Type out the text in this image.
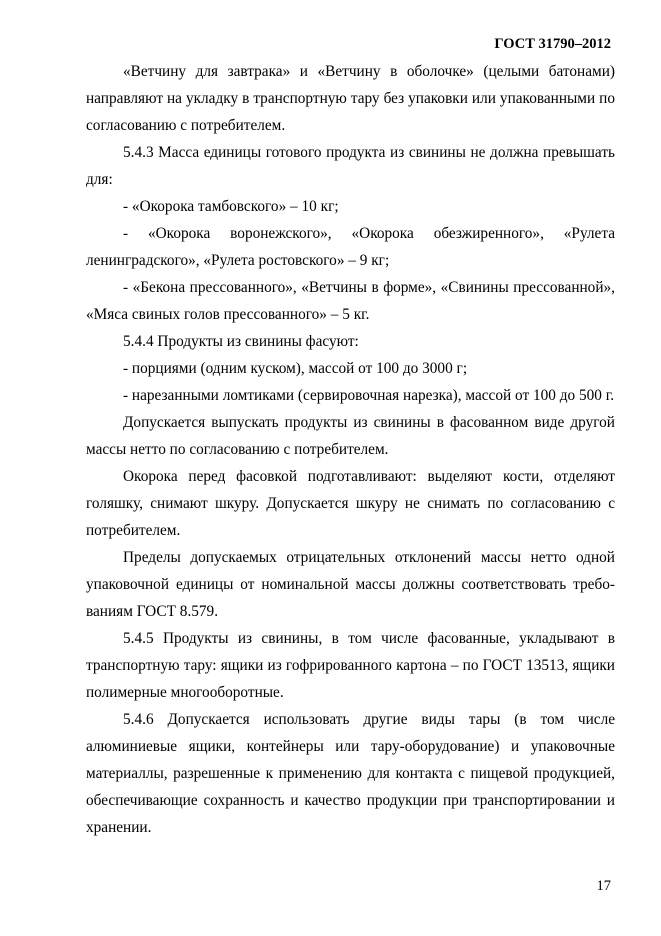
ГОСТ 31790–2012

«Ветчину для завтрака» и «Ветчину в оболочке» (целыми батонами) направляют на укладку в транспортную тару без упаковки или упакованными по согласованию с потребителем.

5.4.3 Масса единицы готового продукта из свинины не должна превышать для:

- «Окорока тамбовского» – 10 кг;

- «Окорока воронежского», «Окорока обезжиренного», «Рулета ленинградского», «Рулета ростовского» – 9 кг;

- «Бекона прессованного», «Ветчины в форме», «Свинины прессованной», «Мяса свиных голов прессованного» – 5 кг.

5.4.4 Продукты из свинины фасуют:

- порциями (одним куском), массой от 100 до 3000 г;

- нарезанными ломтиками (сервировочная нарезка), массой от 100 до 500 г.

Допускается выпускать продукты из свинины в фасованном виде другой массы нетто по согласованию с потребителем.

Окорока перед фасовкой подготавливают: выделяют кости, отделяют голяшку, снимают шкуру. Допускается шкуру не снимать по согласованию с потребителем.

Пределы допускаемых отрицательных отклонений массы нетто одной упаковочной единицы от номинальной массы должны соответствовать требованиям ГОСТ 8.579.

5.4.5 Продукты из свинины, в том числе фасованные, укладывают в транспортную тару: ящики из гофрированного картона – по ГОСТ 13513, ящики полимерные многооборотные.

5.4.6 Допускается использовать другие виды тары (в том числе алюминиевые ящики, контейнеры или тару-оборудование) и упаковочные материаллы, разрешенные к применению для контакта с пищевой продукцией, обеспечивающие сохранность и качество продукции при транспортировании и хранении.

17
